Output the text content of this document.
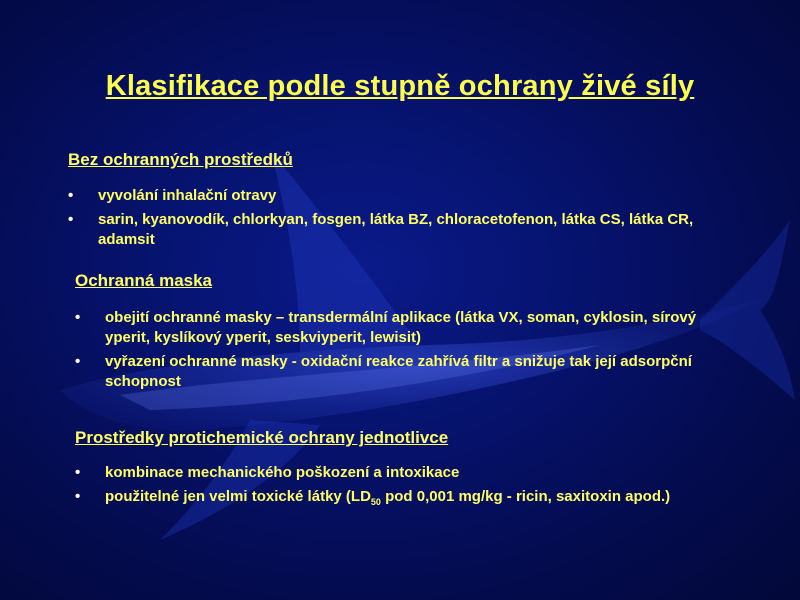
Klasifikace podle stupně ochrany živé síly
Bez ochranných prostředků
•	vyvolání inhalační otravy
•	sarin, kyanovodík, chlorkyan, fosgen, látka BZ, chloracetofenon, látka CS, látka CR, adamsit
Ochranná maska
•	obejití ochranné masky – transdermální aplikace (látka VX, soman, cyklosin, sírový yperit, kyslíkový yperit, seskviyperit, lewisit)
•	vyřazení ochranné masky - oxidační reakce zahřívá filtr a snižuje tak její adsorpční schopnost
Prostředky protichemické ochrany jednotlivce
•	kombinace mechanického poškození a intoxikace
•	použitelné jen velmi toxické látky ($LD_{50}$ pod 0,001 mg/kg - ricin, saxitoxin apod.)
